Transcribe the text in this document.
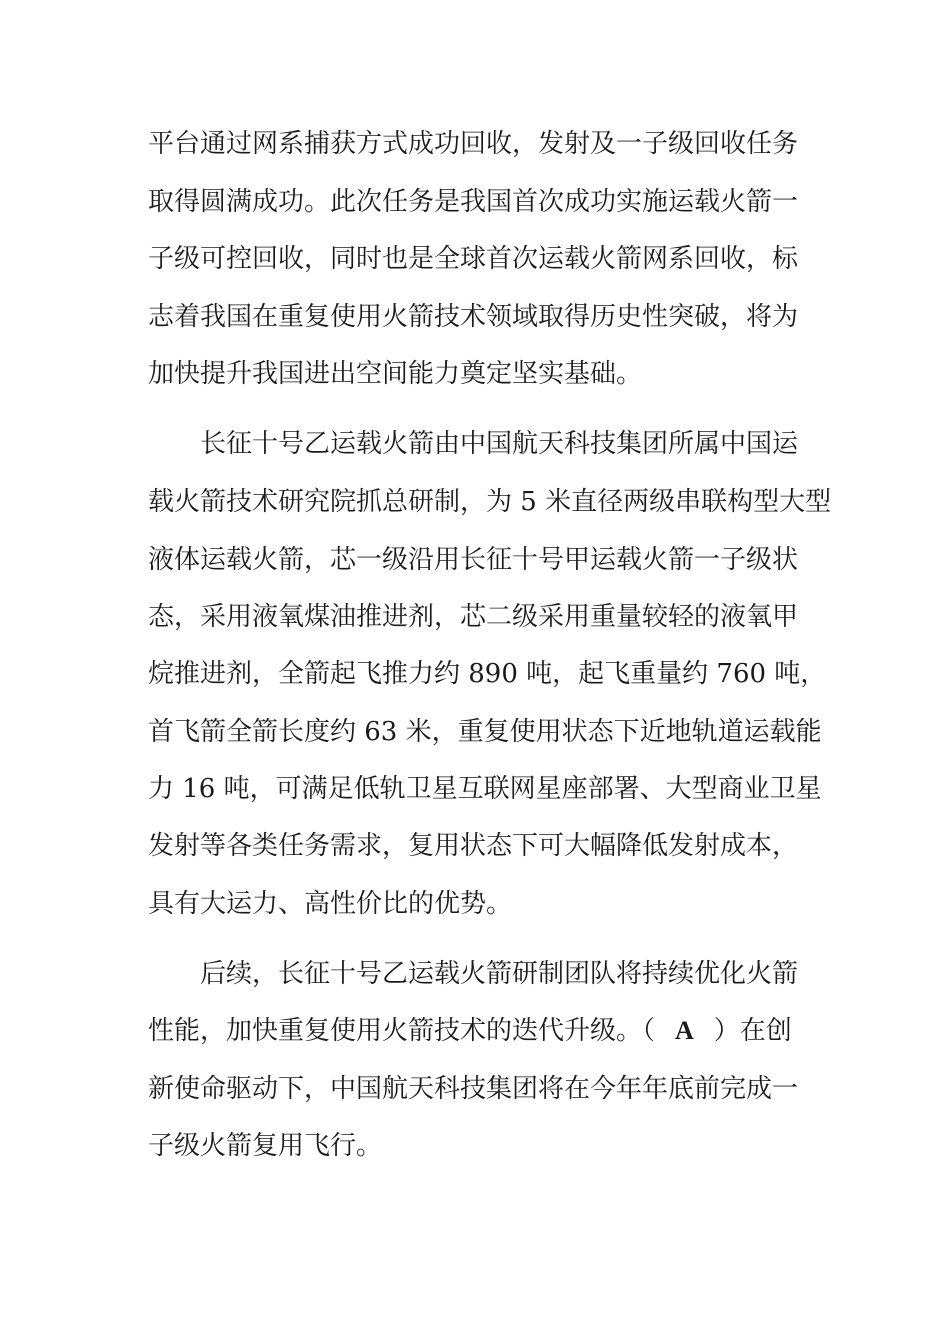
平台通过网系捕获方式成功回收，发射及一子级回收任务
取得圆满成功。此次任务是我国首次成功实施运载火箭一
子级可控回收，同时也是全球首次运载火箭网系回收，标
志着我国在重复使用火箭技术领域取得历史性突破，将为
加快提升我国进出空间能力奠定坚实基础。
长征十号乙运载火箭由中国航天科技集团所属中国运
载火箭技术研究院抓总研制，为 5 米直径两级串联构型大型
液体运载火箭，芯一级沿用长征十号甲运载火箭一子级状
态，采用液氧煤油推进剂，芯二级采用重量较轻的液氧甲
烷推进剂，全箭起飞推力约 890 吨，起飞重量约 760 吨，
首飞箭全箭长度约 63 米，重复使用状态下近地轨道运载能
力 16 吨，可满足低轨卫星互联网星座部署、大型商业卫星
发射等各类任务需求，复用状态下可大幅降低发射成本，
具有大运力、高性价比的优势。
后续，长征十号乙运载火箭研制团队将持续优化火箭
性能，加快重复使用火箭技术的迭代升级。（ A ）在创
新使命驱动下，中国航天科技集团将在今年年底前完成一
子级火箭复用飞行。
